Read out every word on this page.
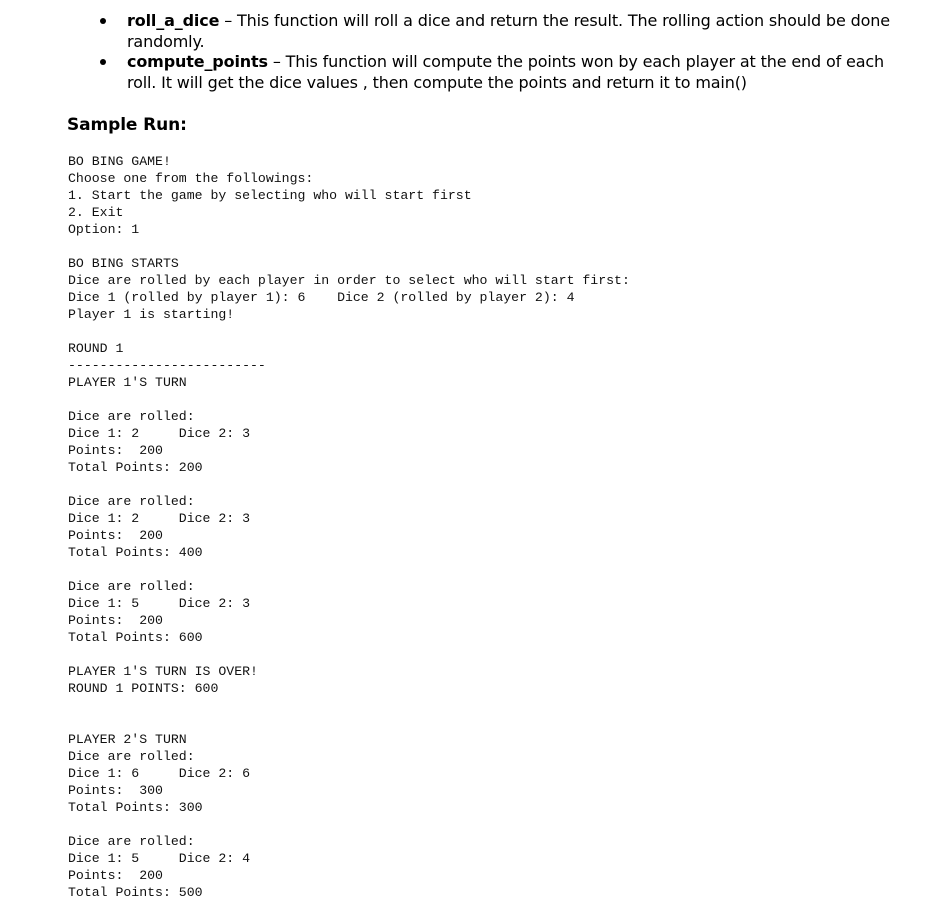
roll_a_dice – This function will roll a dice and return the result. The rolling action should be done randomly.
compute_points – This function will compute the points won by each player at the end of each roll. It will get the dice values , then compute the points and return it to main()
Sample Run:
BO BING GAME!
Choose one from the followings:
1. Start the game by selecting who will start first
2. Exit
Option: 1
BO BING STARTS
Dice are rolled by each player in order to select who will start first:
Dice 1 (rolled by player 1): 6    Dice 2 (rolled by player 2): 4
Player 1 is starting!
ROUND 1
-------------------------
PLAYER 1'S TURN
Dice are rolled:
Dice 1: 2     Dice 2: 3
Points:  200
Total Points: 200
Dice are rolled:
Dice 1: 2     Dice 2: 3
Points:  200
Total Points: 400
Dice are rolled:
Dice 1: 5     Dice 2: 3
Points:  200
Total Points: 600
PLAYER 1'S TURN IS OVER!
ROUND 1 POINTS: 600
PLAYER 2'S TURN
Dice are rolled:
Dice 1: 6     Dice 2: 6
Points:  300
Total Points: 300
Dice are rolled:
Dice 1: 5     Dice 2: 4
Points:  200
Total Points: 500
